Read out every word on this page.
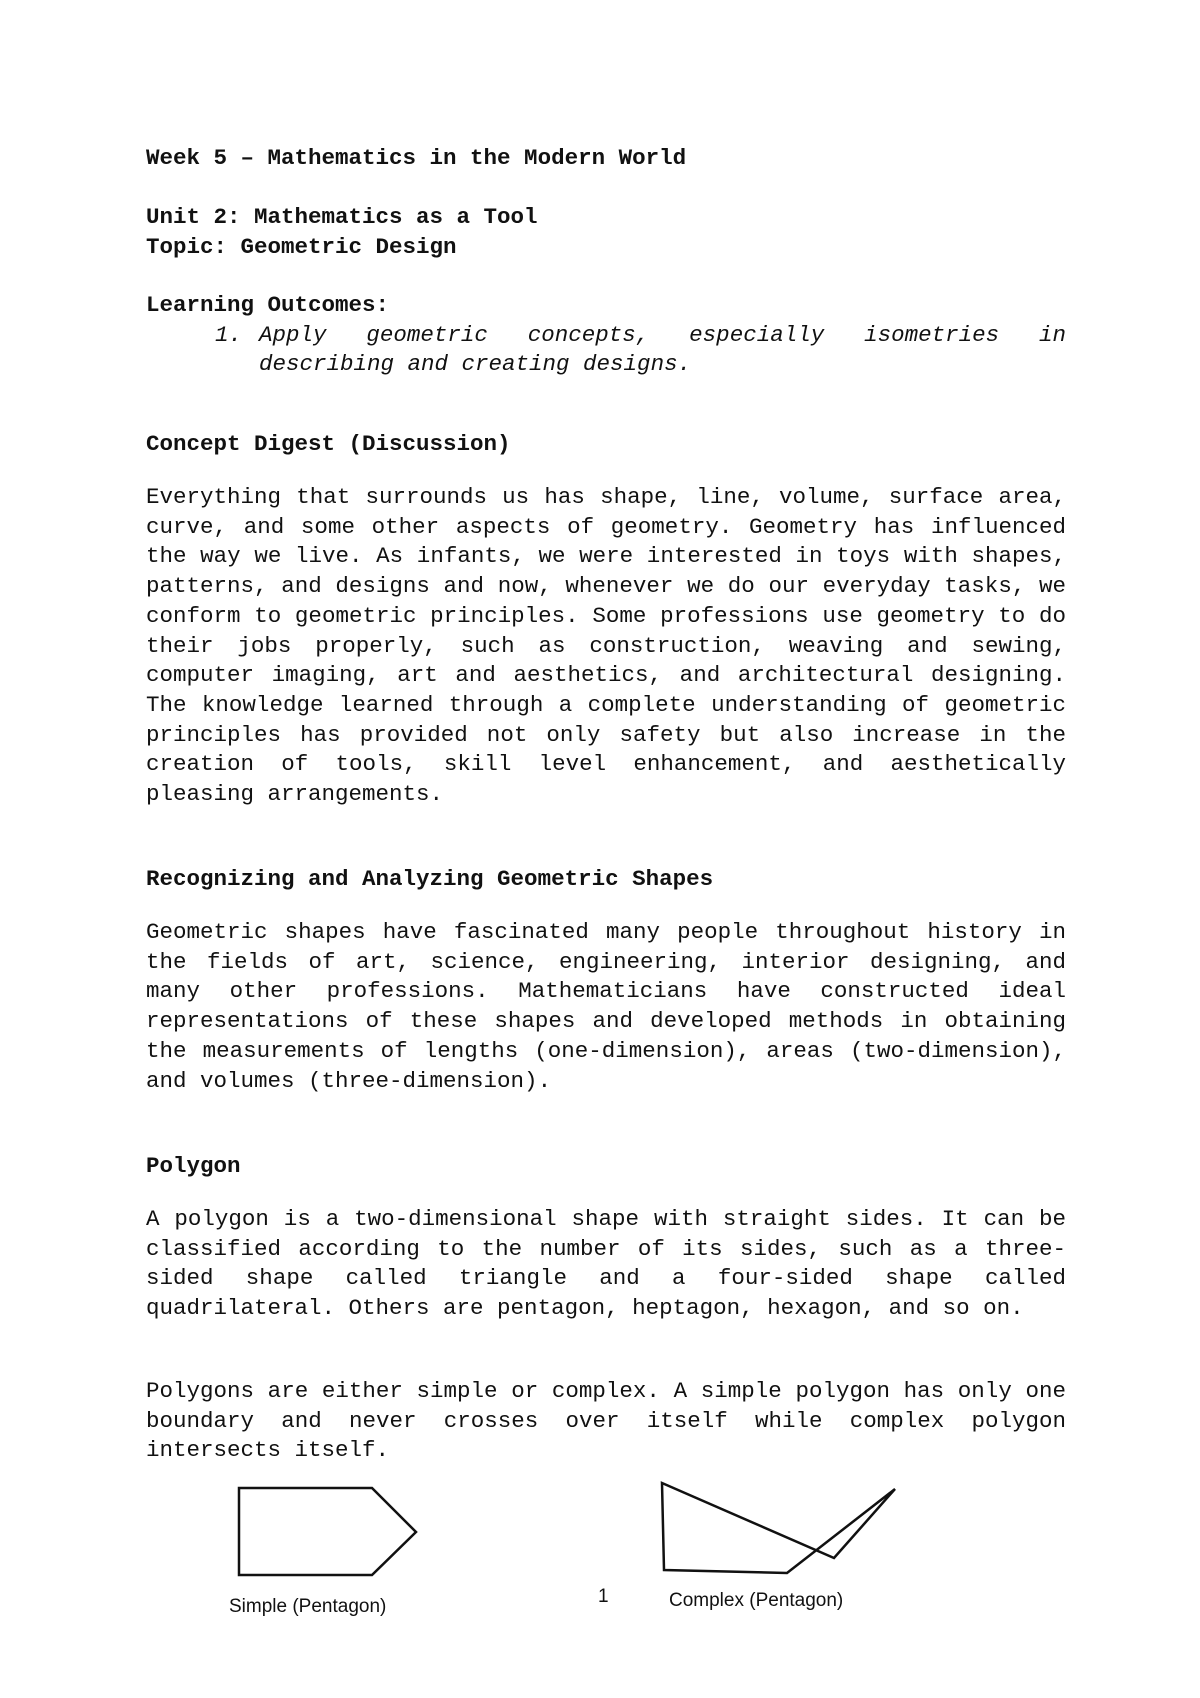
Week 5 – Mathematics in the Modern World
Unit 2: Mathematics as a Tool
Topic: Geometric Design
Learning Outcomes:
1. Apply geometric concepts, especially isometries in describing and creating designs.
Concept Digest (Discussion)
Everything that surrounds us has shape, line, volume, surface area, curve, and some other aspects of geometry. Geometry has influenced the way we live. As infants, we were interested in toys with shapes, patterns, and designs and now, whenever we do our everyday tasks, we conform to geometric principles. Some professions use geometry to do their jobs properly, such as construction, weaving and sewing, computer imaging, art and aesthetics, and architectural designing. The knowledge learned through a complete understanding of geometric principles has provided not only safety but also increase in the creation of tools, skill level enhancement, and aesthetically pleasing arrangements.
Recognizing and Analyzing Geometric Shapes
Geometric shapes have fascinated many people throughout history in the fields of art, science, engineering, interior designing, and many other professions. Mathematicians have constructed ideal representations of these shapes and developed methods in obtaining the measurements of lengths (one-dimension), areas (two-dimension), and volumes (three-dimension).
Polygon
A polygon is a two-dimensional shape with straight sides. It can be classified according to the number of its sides, such as a three-sided shape called triangle and a four-sided shape called quadrilateral. Others are pentagon, heptagon, hexagon, and so on.
Polygons are either simple or complex. A simple polygon has only one boundary and never crosses over itself while complex polygon intersects itself.
Simple (Pentagon)	1	Complex (Pentagon)
